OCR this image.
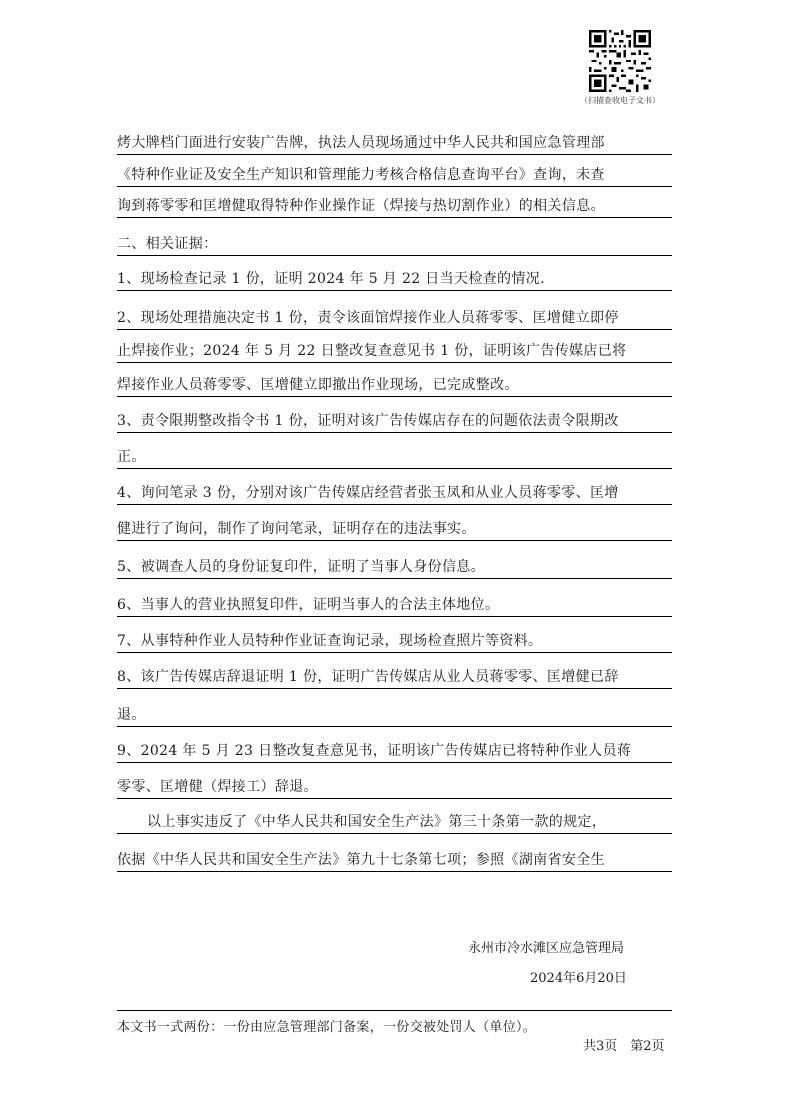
（扫描查收电子文书）
烤大牌档门面进行安装广告牌，执法人员现场通过中华人民共和国应急管理部
《特种作业证及安全生产知识和管理能力考核合格信息查询平台》查询，未查
询到蒋零零和匡增健取得特种作业操作证（焊接与热切割作业）的相关信息。
二、相关证据：
1、现场检查记录 1 份，证明 2024 年 5 月 22 日当天检查的情况.
2、现场处理措施决定书 1 份，责令该面馆焊接作业人员蒋零零、匡增健立即停
止焊接作业；2024 年 5 月 22 日整改复查意见书 1 份，证明该广告传媒店已将
焊接作业人员蒋零零、匡增健立即撤出作业现场，已完成整改。
3、责令限期整改指令书 1 份，证明对该广告传媒店存在的问题依法责令限期改
正。
4、询问笔录 3 份，分别对该广告传媒店经营者张玉凤和从业人员蒋零零、匡增
健进行了询问，制作了询问笔录，证明存在的违法事实。
5、被调查人员的身份证复印件，证明了当事人身份信息。
6、当事人的营业执照复印件，证明当事人的合法主体地位。
7、从事特种作业人员特种作业证查询记录，现场检查照片等资料。
8、该广告传媒店辞退证明 1 份，证明广告传媒店从业人员蒋零零、匡增健已辞
退。
9、2024 年 5 月 23 日整改复查意见书，证明该广告传媒店已将特种作业人员蒋
零零、匡增健（焊接工）辞退。
以上事实违反了《中华人民共和国安全生产法》第三十条第一款的规定，
依据《中华人民共和国安全生产法》第九十七条第七项；参照《湖南省安全生
永州市冷水滩区应急管理局
2024年6月20日
本文书一式两份：一份由应急管理部门备案，一份交被处罚人（单位）。
共3页　第2页
